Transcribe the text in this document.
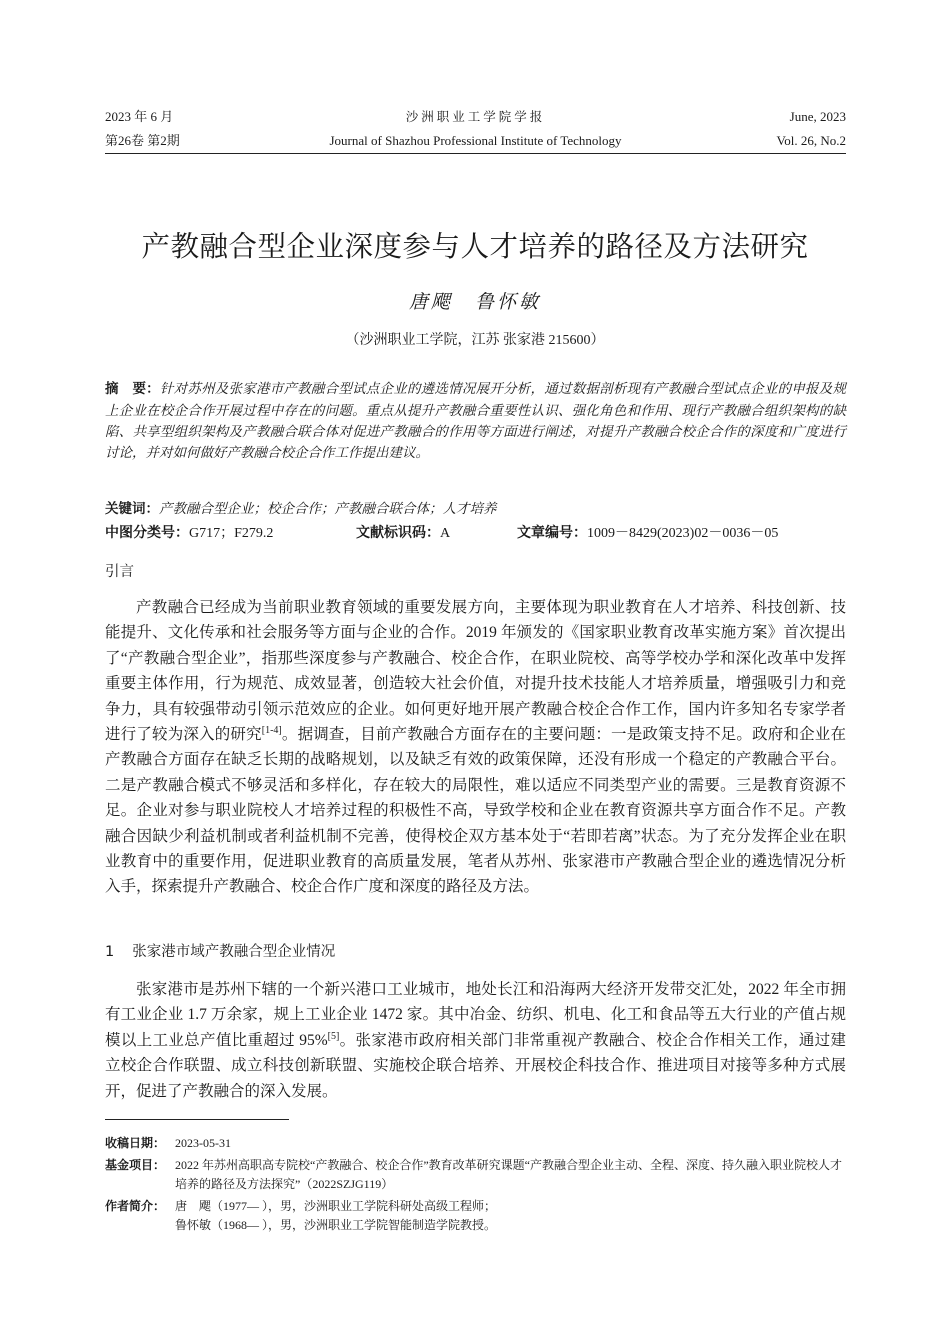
2023 年 6 月	沙洲职业工学院学报	June, 2023
第26卷 第2期	Journal of Shazhou Professional Institute of Technology	Vol. 26, No.2
产教融合型企业深度参与人才培养的路径及方法研究
唐飔　鲁怀敏
（沙洲职业工学院，江苏 张家港 215600）
摘　要：针对苏州及张家港市产教融合型试点企业的遴选情况展开分析，通过数据剖析现有产教融合型试点企业的申报及规上企业在校企合作开展过程中存在的问题。重点从提升产教融合重要性认识、强化角色和作用、现行产教融合组织架构的缺陷、共享型组织架构及产教融合联合体对促进产教融合的作用等方面进行阐述，对提升产教融合校企合作的深度和广度进行讨论，并对如何做好产教融合校企合作工作提出建议。
关键词：产教融合型企业；校企合作；产教融合联合体；人才培养
中图分类号：G717；F279.2	文献标识码：A	文章编号：1009－8429(2023)02－0036－05
引言
产教融合已经成为当前职业教育领域的重要发展方向，主要体现为职业教育在人才培养、科技创新、技能提升、文化传承和社会服务等方面与企业的合作。2019 年颁发的《国家职业教育改革实施方案》首次提出了“产教融合型企业”，指那些深度参与产教融合、校企合作，在职业院校、高等学校办学和深化改革中发挥重要主体作用，行为规范、成效显著，创造较大社会价值，对提升技术技能人才培养质量，增强吸引力和竞争力，具有较强带动引领示范效应的企业。如何更好地开展产教融合校企合作工作，国内许多知名专家学者进行了较为深入的研究[1-4]。据调查，目前产教融合方面存在的主要问题：一是政策支持不足。政府和企业在产教融合方面存在缺乏长期的战略规划，以及缺乏有效的政策保障，还没有形成一个稳定的产教融合平台。二是产教融合模式不够灵活和多样化，存在较大的局限性，难以适应不同类型产业的需要。三是教育资源不足。企业对参与职业院校人才培养过程的积极性不高，导致学校和企业在教育资源共享方面合作不足。产教融合因缺少利益机制或者利益机制不完善，使得校企双方基本处于“若即若离”状态。为了充分发挥企业在职业教育中的重要作用，促进职业教育的高质量发展，笔者从苏州、张家港市产教融合型企业的遴选情况分析入手，探索提升产教融合、校企合作广度和深度的路径及方法。
1 张家港市域产教融合型企业情况
张家港市是苏州下辖的一个新兴港口工业城市，地处长江和沿海两大经济开发带交汇处，2022 年全市拥有工业企业 1.7 万余家，规上工业企业 1472 家。其中冶金、纺织、机电、化工和食品等五大行业的产值占规模以上工业总产值比重超过 95%[5]。张家港市政府相关部门非常重视产教融合、校企合作相关工作，通过建立校企合作联盟、成立科技创新联盟、实施校企联合培养、开展校企科技合作、推进项目对接等多种方式展开，促进了产教融合的深入发展。
收稿日期： 2023-05-31
基金项目： 2022 年苏州高职高专院校“产教融合、校企合作”教育改革研究课题“产教融合型企业主动、全程、深度、持久融入职业院校人才培养的路径及方法探究”（2022SZJG119）
作者简介： 唐　飔（1977— ），男，沙洲职业工学院科研处高级工程师；
鲁怀敏（1968— ），男，沙洲职业工学院智能制造学院教授。
